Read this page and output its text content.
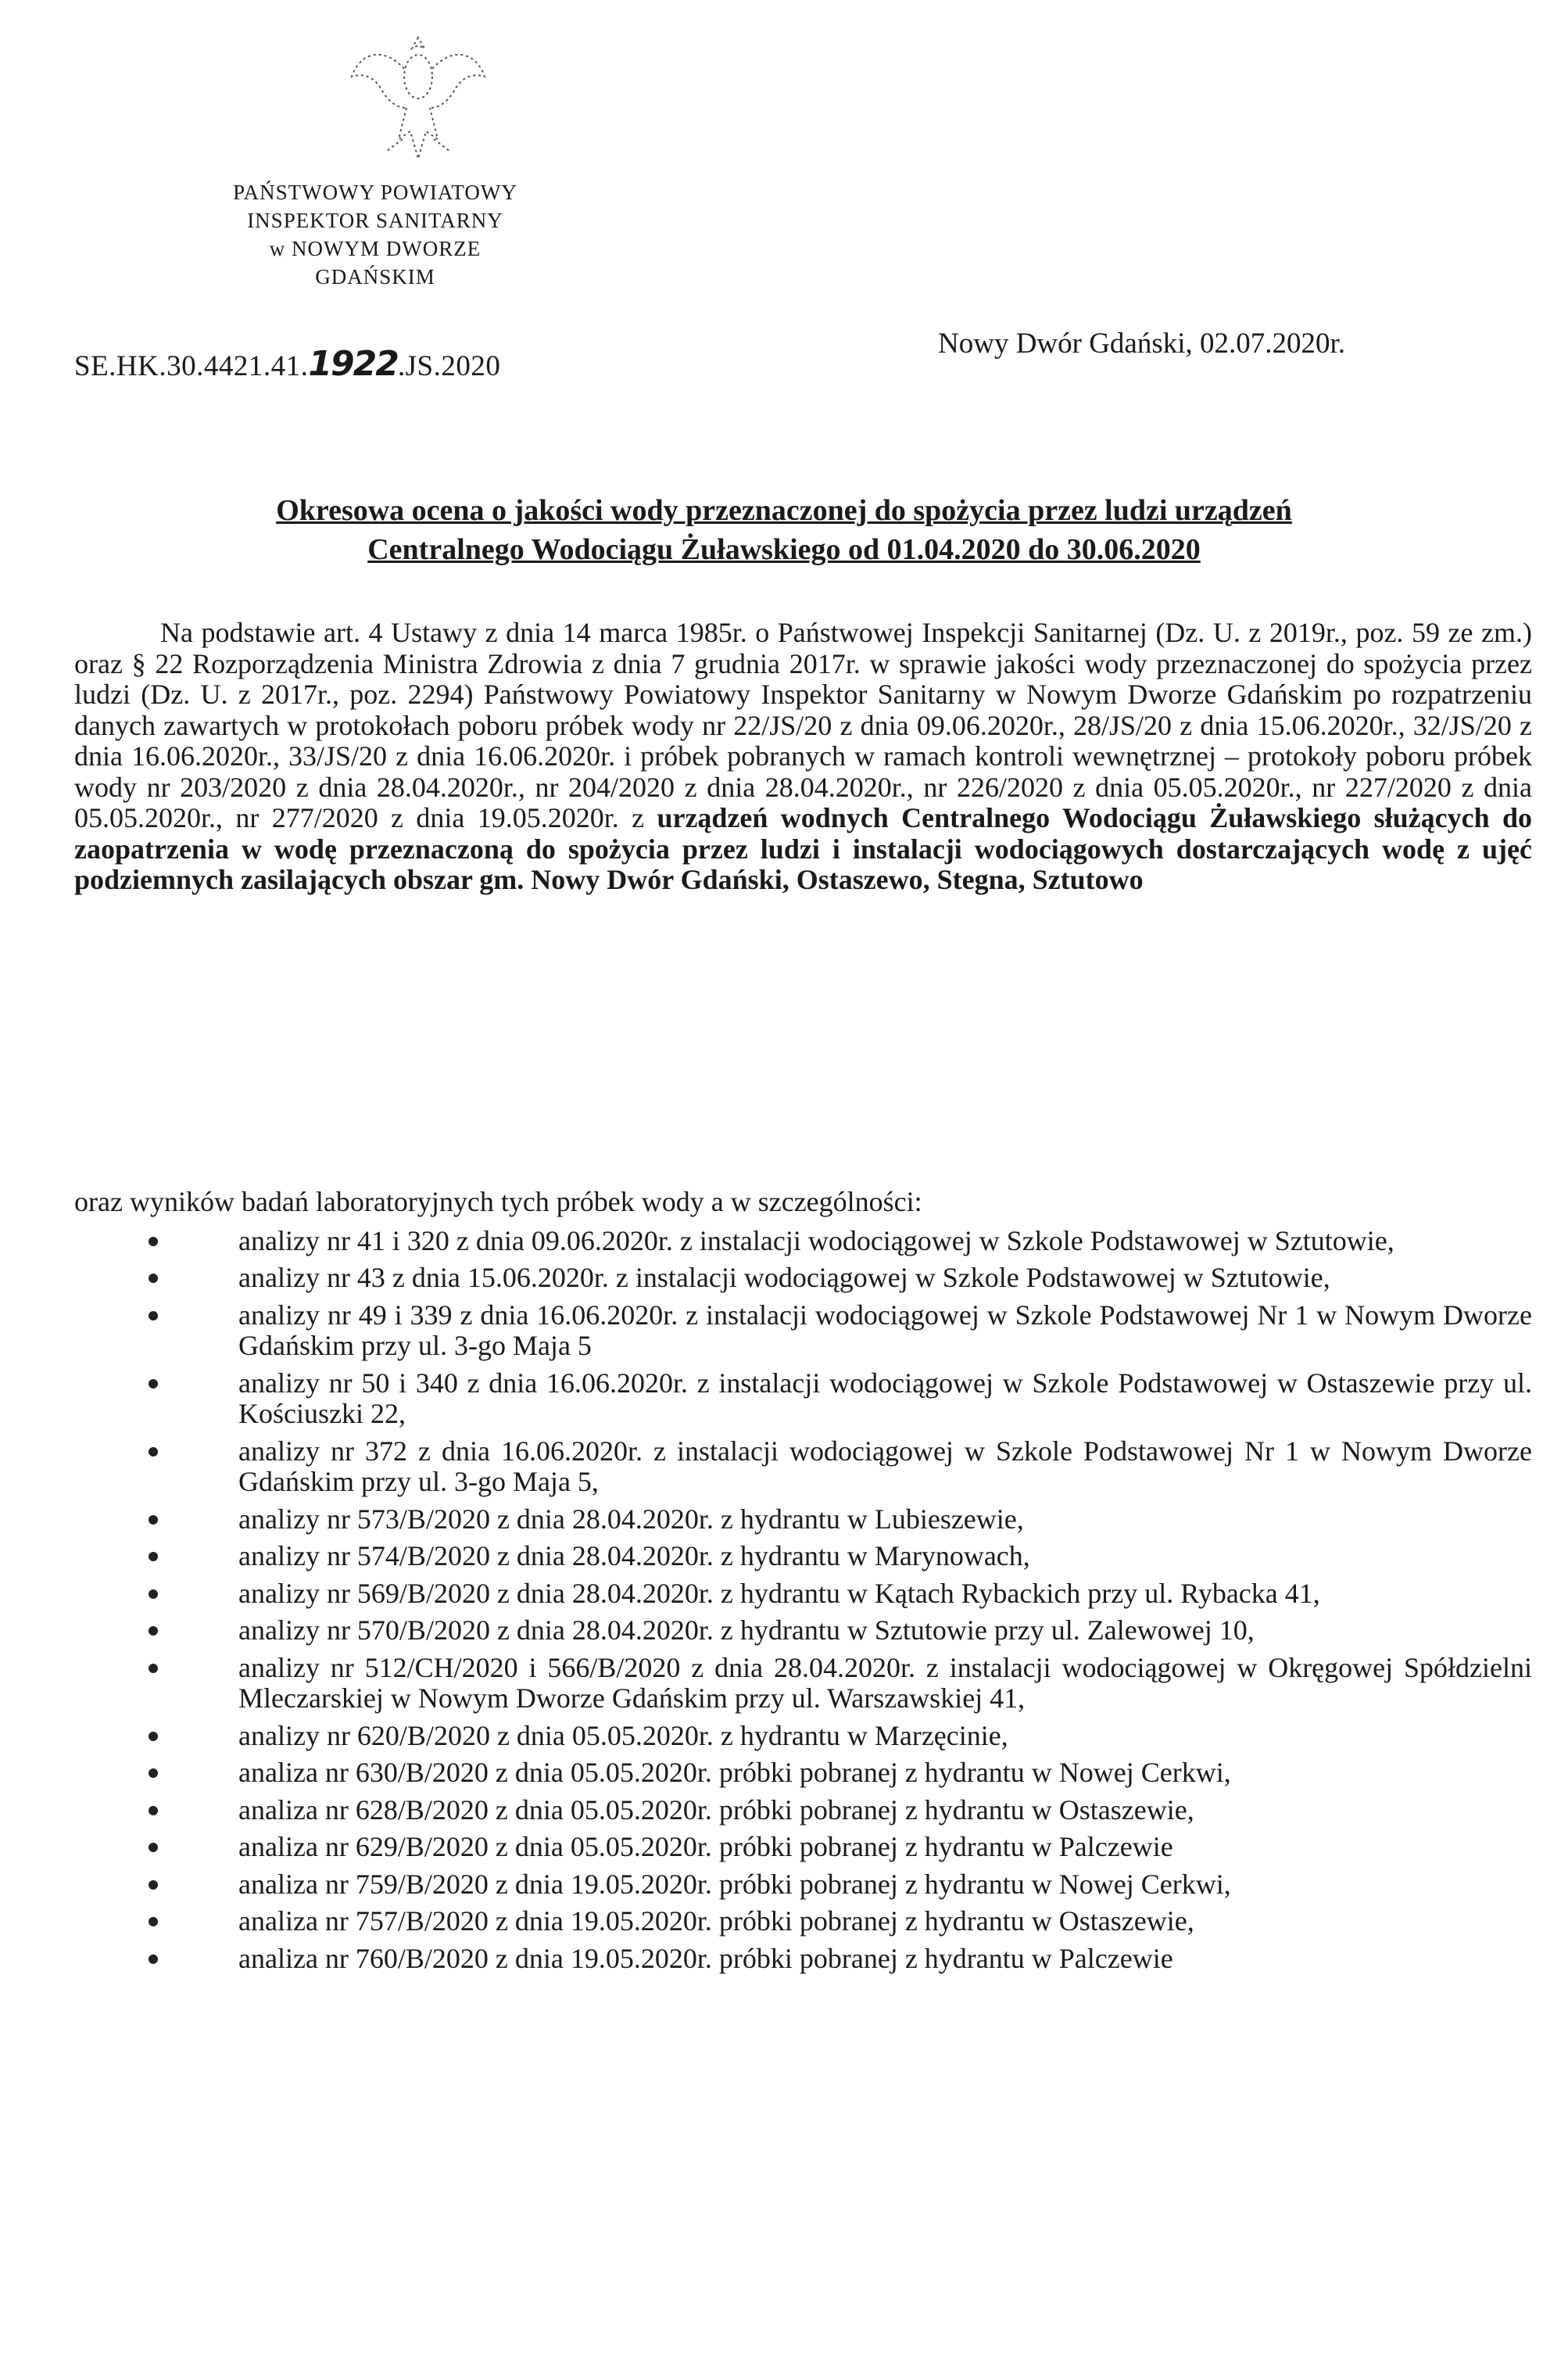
PAŃSTWOWY POWIATOWY
INSPEKTOR SANITARNY
w NOWYM DWORZE
GDAŃSKIM
SE.HK.30.4421.41.1922.JS.2020
Nowy Dwór Gdański, 02.07.2020r.
Okresowa ocena o jakości wody przeznaczonej do spożycia przez ludzi urządzeń
Centralnego Wodociągu Żuławskiego od 01.04.2020 do 30.06.2020
Na podstawie art. 4 Ustawy z dnia 14 marca 1985r. o Państwowej Inspekcji Sanitarnej (Dz. U. z 2019r., poz. 59 ze zm.) oraz § 22 Rozporządzenia Ministra Zdrowia z dnia 7 grudnia 2017r. w sprawie jakości wody przeznaczonej do spożycia przez ludzi (Dz. U. z 2017r., poz. 2294) Państwowy Powiatowy Inspektor Sanitarny w Nowym Dworze Gdańskim po rozpatrzeniu danych zawartych w protokołach poboru próbek wody nr 22/JS/20 z dnia 09.06.2020r., 28/JS/20 z dnia 15.06.2020r., 32/JS/20 z dnia 16.06.2020r., 33/JS/20 z dnia 16.06.2020r. i próbek pobranych w ramach kontroli wewnętrznej – protokoły poboru próbek wody nr 203/2020 z dnia 28.04.2020r., nr 204/2020 z dnia 28.04.2020r., nr 226/2020 z dnia 05.05.2020r., nr 227/2020 z dnia 05.05.2020r., nr 277/2020 z dnia 19.05.2020r. z urządzeń wodnych Centralnego Wodociągu Żuławskiego służących do zaopatrzenia w wodę przeznaczoną do spożycia przez ludzi i instalacji wodociągowych dostarczających wodę z ujęć podziemnych zasilających obszar gm. Nowy Dwór Gdański, Ostaszewo, Stegna, Sztutowo
oraz wyników badań laboratoryjnych tych próbek wody a w szczególności:
analizy nr 41 i 320 z dnia 09.06.2020r. z instalacji wodociągowej w Szkole Podstawowej w Sztutowie,
analizy nr 43 z dnia 15.06.2020r. z instalacji wodociągowej w Szkole Podstawowej w Sztutowie,
analizy nr 49 i 339 z dnia 16.06.2020r. z instalacji wodociągowej w Szkole Podstawowej Nr 1 w Nowym Dworze Gdańskim przy ul. 3-go Maja 5
analizy nr 50 i 340 z dnia 16.06.2020r. z instalacji wodociągowej w Szkole Podstawowej w Ostaszewie przy ul. Kościuszki 22,
analizy nr 372 z dnia 16.06.2020r. z instalacji wodociągowej w Szkole Podstawowej Nr 1 w Nowym Dworze Gdańskim przy ul. 3-go Maja 5,
analizy nr 573/B/2020 z dnia 28.04.2020r. z hydrantu w Lubieszewie,
analizy nr 574/B/2020 z dnia 28.04.2020r. z hydrantu w Marynowach,
analizy nr 569/B/2020 z dnia 28.04.2020r. z hydrantu w Kątach Rybackich przy ul. Rybacka 41,
analizy nr 570/B/2020 z dnia 28.04.2020r. z hydrantu w Sztutowie przy ul. Zalewowej 10,
analizy nr 512/CH/2020 i 566/B/2020 z dnia 28.04.2020r. z instalacji wodociągowej w Okręgowej Spółdzielni Mleczarskiej w Nowym Dworze Gdańskim przy ul. Warszawskiej 41,
analizy nr 620/B/2020 z dnia 05.05.2020r. z hydrantu w Marzęcinie,
analiza nr 630/B/2020 z dnia 05.05.2020r. próbki pobranej z hydrantu w Nowej Cerkwi,
analiza nr 628/B/2020 z dnia 05.05.2020r. próbki pobranej z hydrantu w Ostaszewie,
analiza nr 629/B/2020 z dnia 05.05.2020r. próbki pobranej z hydrantu w Palczewie
analiza nr 759/B/2020 z dnia 19.05.2020r. próbki pobranej z hydrantu w Nowej Cerkwi,
analiza nr 757/B/2020 z dnia 19.05.2020r. próbki pobranej z hydrantu w Ostaszewie,
analiza nr 760/B/2020 z dnia 19.05.2020r. próbki pobranej z hydrantu w Palczewie
